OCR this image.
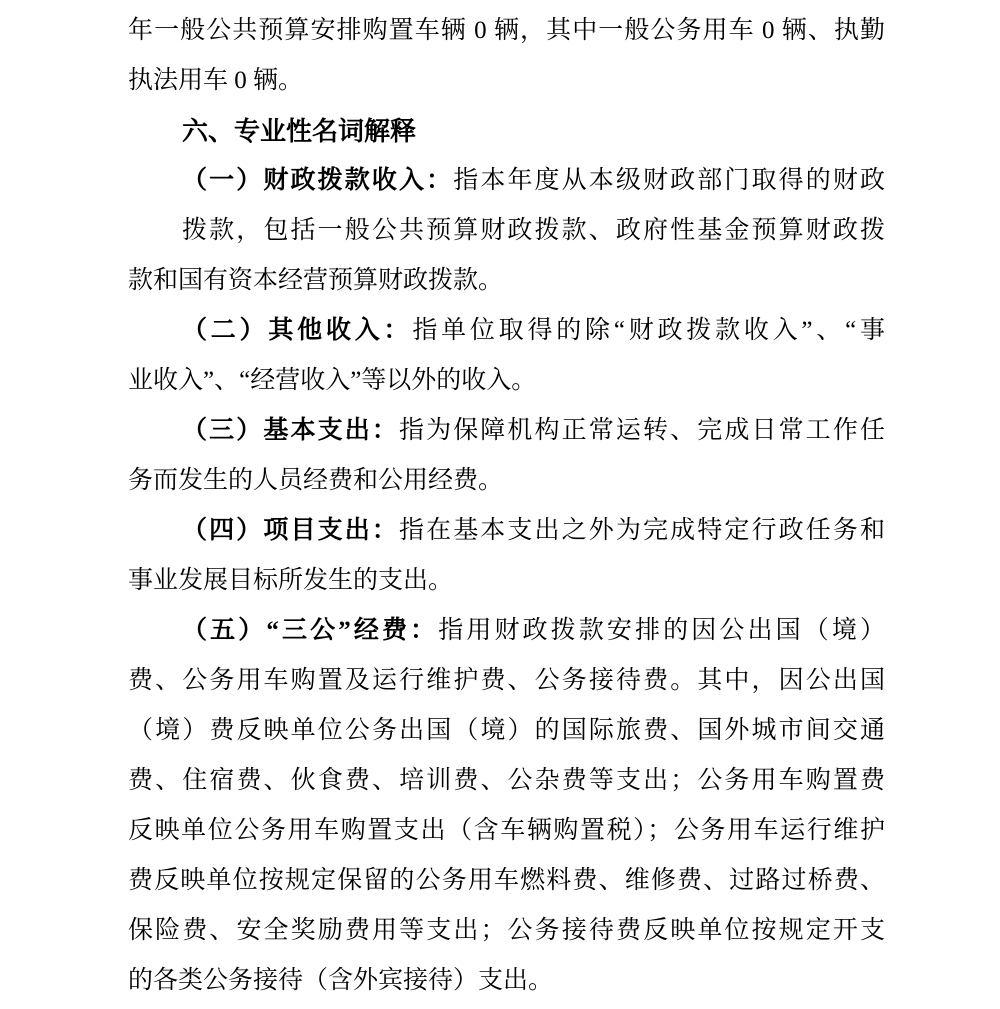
年一般公共预算安排购置车辆 0 辆，其中一般公务用车 0 辆、执勤
执法用车 0 辆。
六、专业性名词解释
（一）财政拨款收入：指本年度从本级财政部门取得的财政
拨款，包括一般公共预算财政拨款、政府性基金预算财政拨
款和国有资本经营预算财政拨款。
（二）其他收入：指单位取得的除“财政拨款收入”、“事
业收入”、“经营收入”等以外的收入。
（三）基本支出：指为保障机构正常运转、完成日常工作任
务而发生的人员经费和公用经费。
（四）项目支出：指在基本支出之外为完成特定行政任务和
事业发展目标所发生的支出。
（五）“三公”经费：指用财政拨款安排的因公出国（境）
费、公务用车购置及运行维护费、公务接待费。其中，因公出国
（境）费反映单位公务出国（境）的国际旅费、国外城市间交通
费、住宿费、伙食费、培训费、公杂费等支出；公务用车购置费
反映单位公务用车购置支出（含车辆购置税）；公务用车运行维护
费反映单位按规定保留的公务用车燃料费、维修费、过路过桥费、
保险费、安全奖励费用等支出；公务接待费反映单位按规定开支
的各类公务接待（含外宾接待）支出。
